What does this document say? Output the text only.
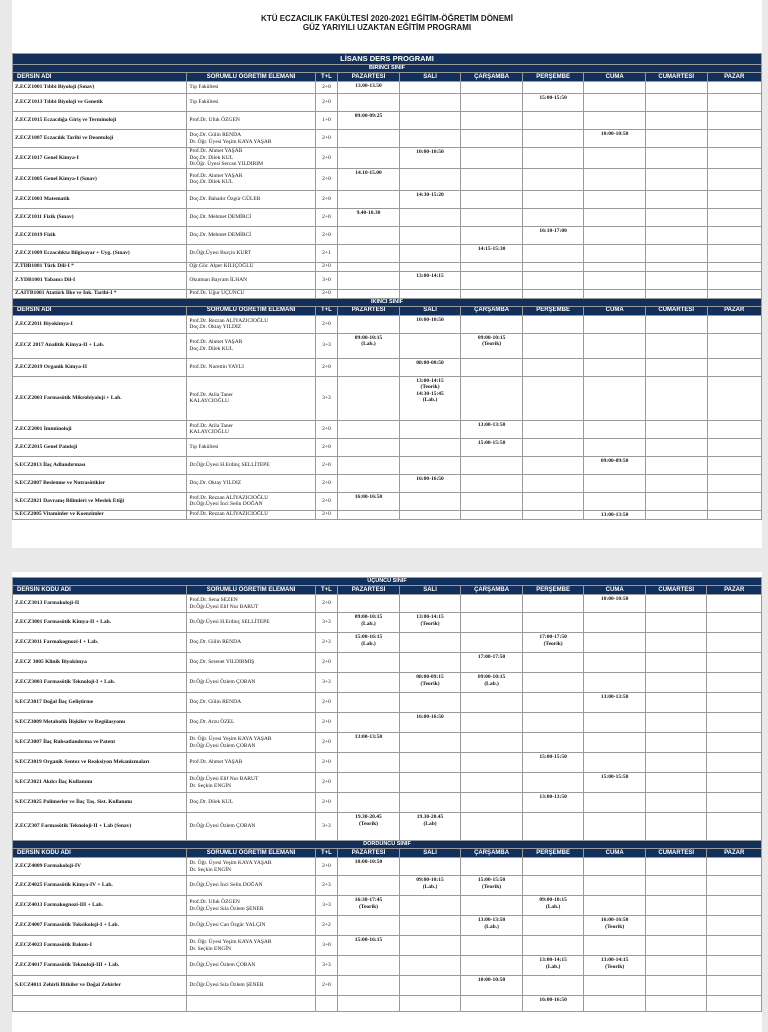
KTÜ ECZACILIK FAKÜLTESİ 2020-2021 EĞİTİM-ÖĞRETİM DÖNEMİ
GÜZ YARIYILI UZAKTAN EĞİTİM PROGRAMI
LİSANS DERS PROGRAMI									
BİRİNCİ SINIF									
DERSİN ADI	SORUMLU ÖĞRETİM ELEMANI	T+L	PAZARTESİ	SALI	ÇARŞAMBA	PERŞEMBE	CUMA	CUMARTESİ	PAZAR
Z.ECZ1001 Tıbbi Biyoloji (Sınav)	Tıp Fakültesi	2+0	13.00-13.50						

Z.ECZ1013 Tıbbi Biyoloji ve Genetik	Tıp Fakültesi	2+0				15:00-15:50			

Z.ECZ1015 Eczacılığa Giriş ve Terminoloji	Prof.Dr. Ufuk ÖZGEN	1+0	09:00-09:25						

Z.ECZ1007 Eczacılık Tarihi ve Deontoloji	Doç.Dr. Gülin RENDA
Dr. Öğr. Üyesi Yeşim KAYA YAŞAR	2+0					10:00-10:50		

Z.ECZ1017 Genel Kimya-I	Prof.Dr. Ahmet YAŞAR
Doç.Dr. Dilek KUL
Dr.Öğr. Üyesi Sercan YILDIRIM	2+0		10:00-10:50					

Z.ECZ1005 Genel Kimya-I (Sınav)	Prof.Dr. Ahmet YAŞAR
Doç.Dr. Dilek KUL	2+0	14.10-15.00						

Z.ECZ1003 Matematik	Doç.Dr. Bahadır Özgür GÜLER	2+0		14:30-15:20					

Z.ECZ1011 Fizik (Sınav)	Doç.Dr. Mehmet DEMİRCİ	2+0	9.40-10.30						

Z.ECZ1019 Fizik	Doç.Dr. Mehmet DEMİRCİ	2+0				16:10-17:00			

Z.ECZ1009 Eczacılıkta Bilgisayar + Uyg. (Sınav)	Dr.Öğr.Üyesi Burçin KURT	2+1			14:15-15:30				

Z.TDB1001 Türk Dili-I *	Öğr.Gör. Alper KILIÇOĞLU	2+0							
Z.YDB1001 Yabancı Dil-I	Okutman Bayram İLHAN	3+0		13:00-14:15					

Z.AITB1001 Atatürk İlke ve İnk. Tarihi-I *	Prof.Dr. Uğur ÜÇÜNCÜ	2+0							
İKİNCİ SINIF									
DERSİN ADI	SORUMLU ÖĞRETİM ELEMANI	T+L	PAZARTESİ	SALI	ÇARŞAMBA	PERŞEMBE	CUMA	CUMARTESİ	PAZAR
Z.ECZ2011 Biyokimya-I	Prof.Dr. Rezzan ALİYAZICIOĞLU
Doç.Dr. Oktay YILDIZ	2+0		10:00-10:50					

Z.ECZ 2017 Analitik Kimya-II + Lab.	Prof.Dr. Ahmet YAŞAR
Doç.Dr. Dilek KUL	3+3	09:00-10:15
(Lab.)		09:00-10:15
(Teorik)				

Z.ECZ2019 Organik Kimya-II	Prof.Dr. Nurettin YAYLI	2+0		08:00-08:50					

Z.ECZ2003 Farmasötik Mikrobiyoloji + Lab.	Prof.Dr. Atila Taner
KALAYCIOĞLU	3+3		13:00-14:15
(Teorik)
14:30-15:45
(Lab.)					

Z.ECZ2001 İmmünoloji	Prof.Dr. Atila Taner
KALAYCIOĞLU	2+0			13:00-13:50				

Z.ECZ2015 Genel Patoloji	Tıp Fakültesi	2+0			15:00-15:50				

S.ECZ2013 İlaç Adlandırması	Dr.Öğr.Üyesi H.Erdinç SELLİTEPE	2+0					09:00-09:50		

S.ECZ2007 Beslenme ve Nutrasötikler	Doç.Dr. Oktay YILDIZ	2+0		16:00-16:50					

S.ECZ2021 Davranış Bilimleri ve Meslek Etiği	Prof.Dr. Rezzan ALİYAZICIOĞLU
Dr.Öğr.Üyesi İnci Selin DOĞAN	2+0	16:00-16:50						

S.ECZ2005 Vitaminler ve Koenzimler	Prof.Dr. Rezzan ALİYAZICIOĞLU	2+0					13:00-13:50		

ÜÇÜNCÜ SINIF									
DERSİN KODU ADI	SORUMLU ÖĞRETİM ELEMANI	T+L	PAZARTESİ	SALI	ÇARŞAMBA	PERŞEMBE	CUMA	CUMARTESİ	PAZAR
Z.ECZ3013 Farmakoloji-II	Prof.Dr. Sena SEZEN
Dr.Öğr.Üyesi Elif Nur BARUT	2+0					10:00-10:50		

Z.ECZ3001 Farmasötik Kimya-II + Lab.	Dr.Öğr.Üyesi H.Erdinç SELLİTEPE	3+3	09:00-10:15
(Lab.)	13:00-14:15
(Teorik)					

Z.ECZ3011 Farmakognozi-I + Lab.	Doç.Dr. Gülin RENDA	2+3	15:00-16:15
(Lab.)			17:00-17:50
(Teorik)			

Z.ECZ 3005 Klinik Biyokimya	Doç.Dr. Serenet YILDIRMIŞ	2+0			17:00-17:50				

Z.ECZ3003 Farmasötik Teknoloji-I + Lab.	Dr.Öğr.Üyesi Özlem ÇOBAN	3+3		08:00-09:15
(Teorik)	09:00-10:15
(Lab.)				

S.ECZ3017 Doğal İlaç Geliştirme	Doç.Dr. Gülin RENDA	2+0					13:00-13:50		

S.ECZ3009 Metabolik İlişkiler ve Regülasyonu	Doç.Dr. Arzu ÖZEL	2+0		16:00-16:50					

S.ECZ3007 İlaç Ruhsatlandırma ve Patent	Dr. Öğr. Üyesi Yeşim KAYA YAŞAR
Dr.Öğr.Üyesi Özlem ÇOBAN	2+0	13:00-13:50						

S.ECZ3019 Organik Sentez ve Reaksiyon Mekanizmaları	Prof.Dr. Ahmet YAŞAR	2+0				15:00-15:50			

S.ECZ3021 Akılcı İlaç Kullanımı	Dr.Öğr.Üyesi Elif Nur BARUT
Dr. Seçkin ENGİN	2+0					15:00-15:50		

S.ECZ3025 Polimerler ve İlaç Taş. Sist. Kullanımı	Doç.Dr. Dilek KUL	2+0				13:00-13:50			

Z.ECZ307 Farmasötik Teknoloji-II + Lab (Sınav)	Dr.Öğr.Üyesi Özlem ÇOBAN	3+3	19.30-20.45
(Teorik)	19.30-20.45
(Lab)					

DÖRDÜNCÜ SINIF									
DERSİN KODU ADI	SORUMLU ÖĞRETİM ELEMANI	T+L	PAZARTESİ	SALI	ÇARŞAMBA	PERŞEMBE	CUMA	CUMARTESİ	PAZAR
Z.ECZ4009 Farmakoloji-IV	Dr. Öğr. Üyesi Yeşim KAYA YAŞAR
Dr. Seçkin ENGİN	2+0	10:00-10:50						

Z.ECZ4025 Farmasötik Kimya-IV + Lab.	Dr.Öğr.Üyesi İnci Selin DOĞAN	2+3		09:00-10:15
(Lab.)	15:00-15:50
(Teorik)				

Z.ECZ4013 Farmakognozi-III + Lab.	Prof.Dr. Ufuk ÖZGEN
Dr.Öğr.Üyesi Sıla Özlem ŞENER	3+3	16:30-17:45
(Teorik)			09:00-10:15
(Lab.)			

Z.ECZ4007 Farmasötik Toksikoloji-I + Lab.	Dr.Öğr.Üyesi Can Özgür YALÇIN	2+2			13:00-13:50
(Lab.)		16:00-16:50
(Teorik)		

Z.ECZ4023 Farmasötik Bakım-I	Dr. Öğr. Üyesi Yeşim KAYA YAŞAR
Dr. Seçkin ENGİN	3+0	15:00-16:15						

Z.ECZ4017 Farmasötik Teknoloji-III + Lab.	Dr.Öğr.Üyesi Özlem ÇOBAN	3+3				13:00-14:15
(Lab.)	13:00-14:15
(Teorik)		

S.ECZ4011 Zehirli Bitkiler ve Doğal Zehirler	Dr.Öğr.Üyesi Sıla Özlem ŞENER	2+0			10:00-10:50				

						16:00-16:50			
